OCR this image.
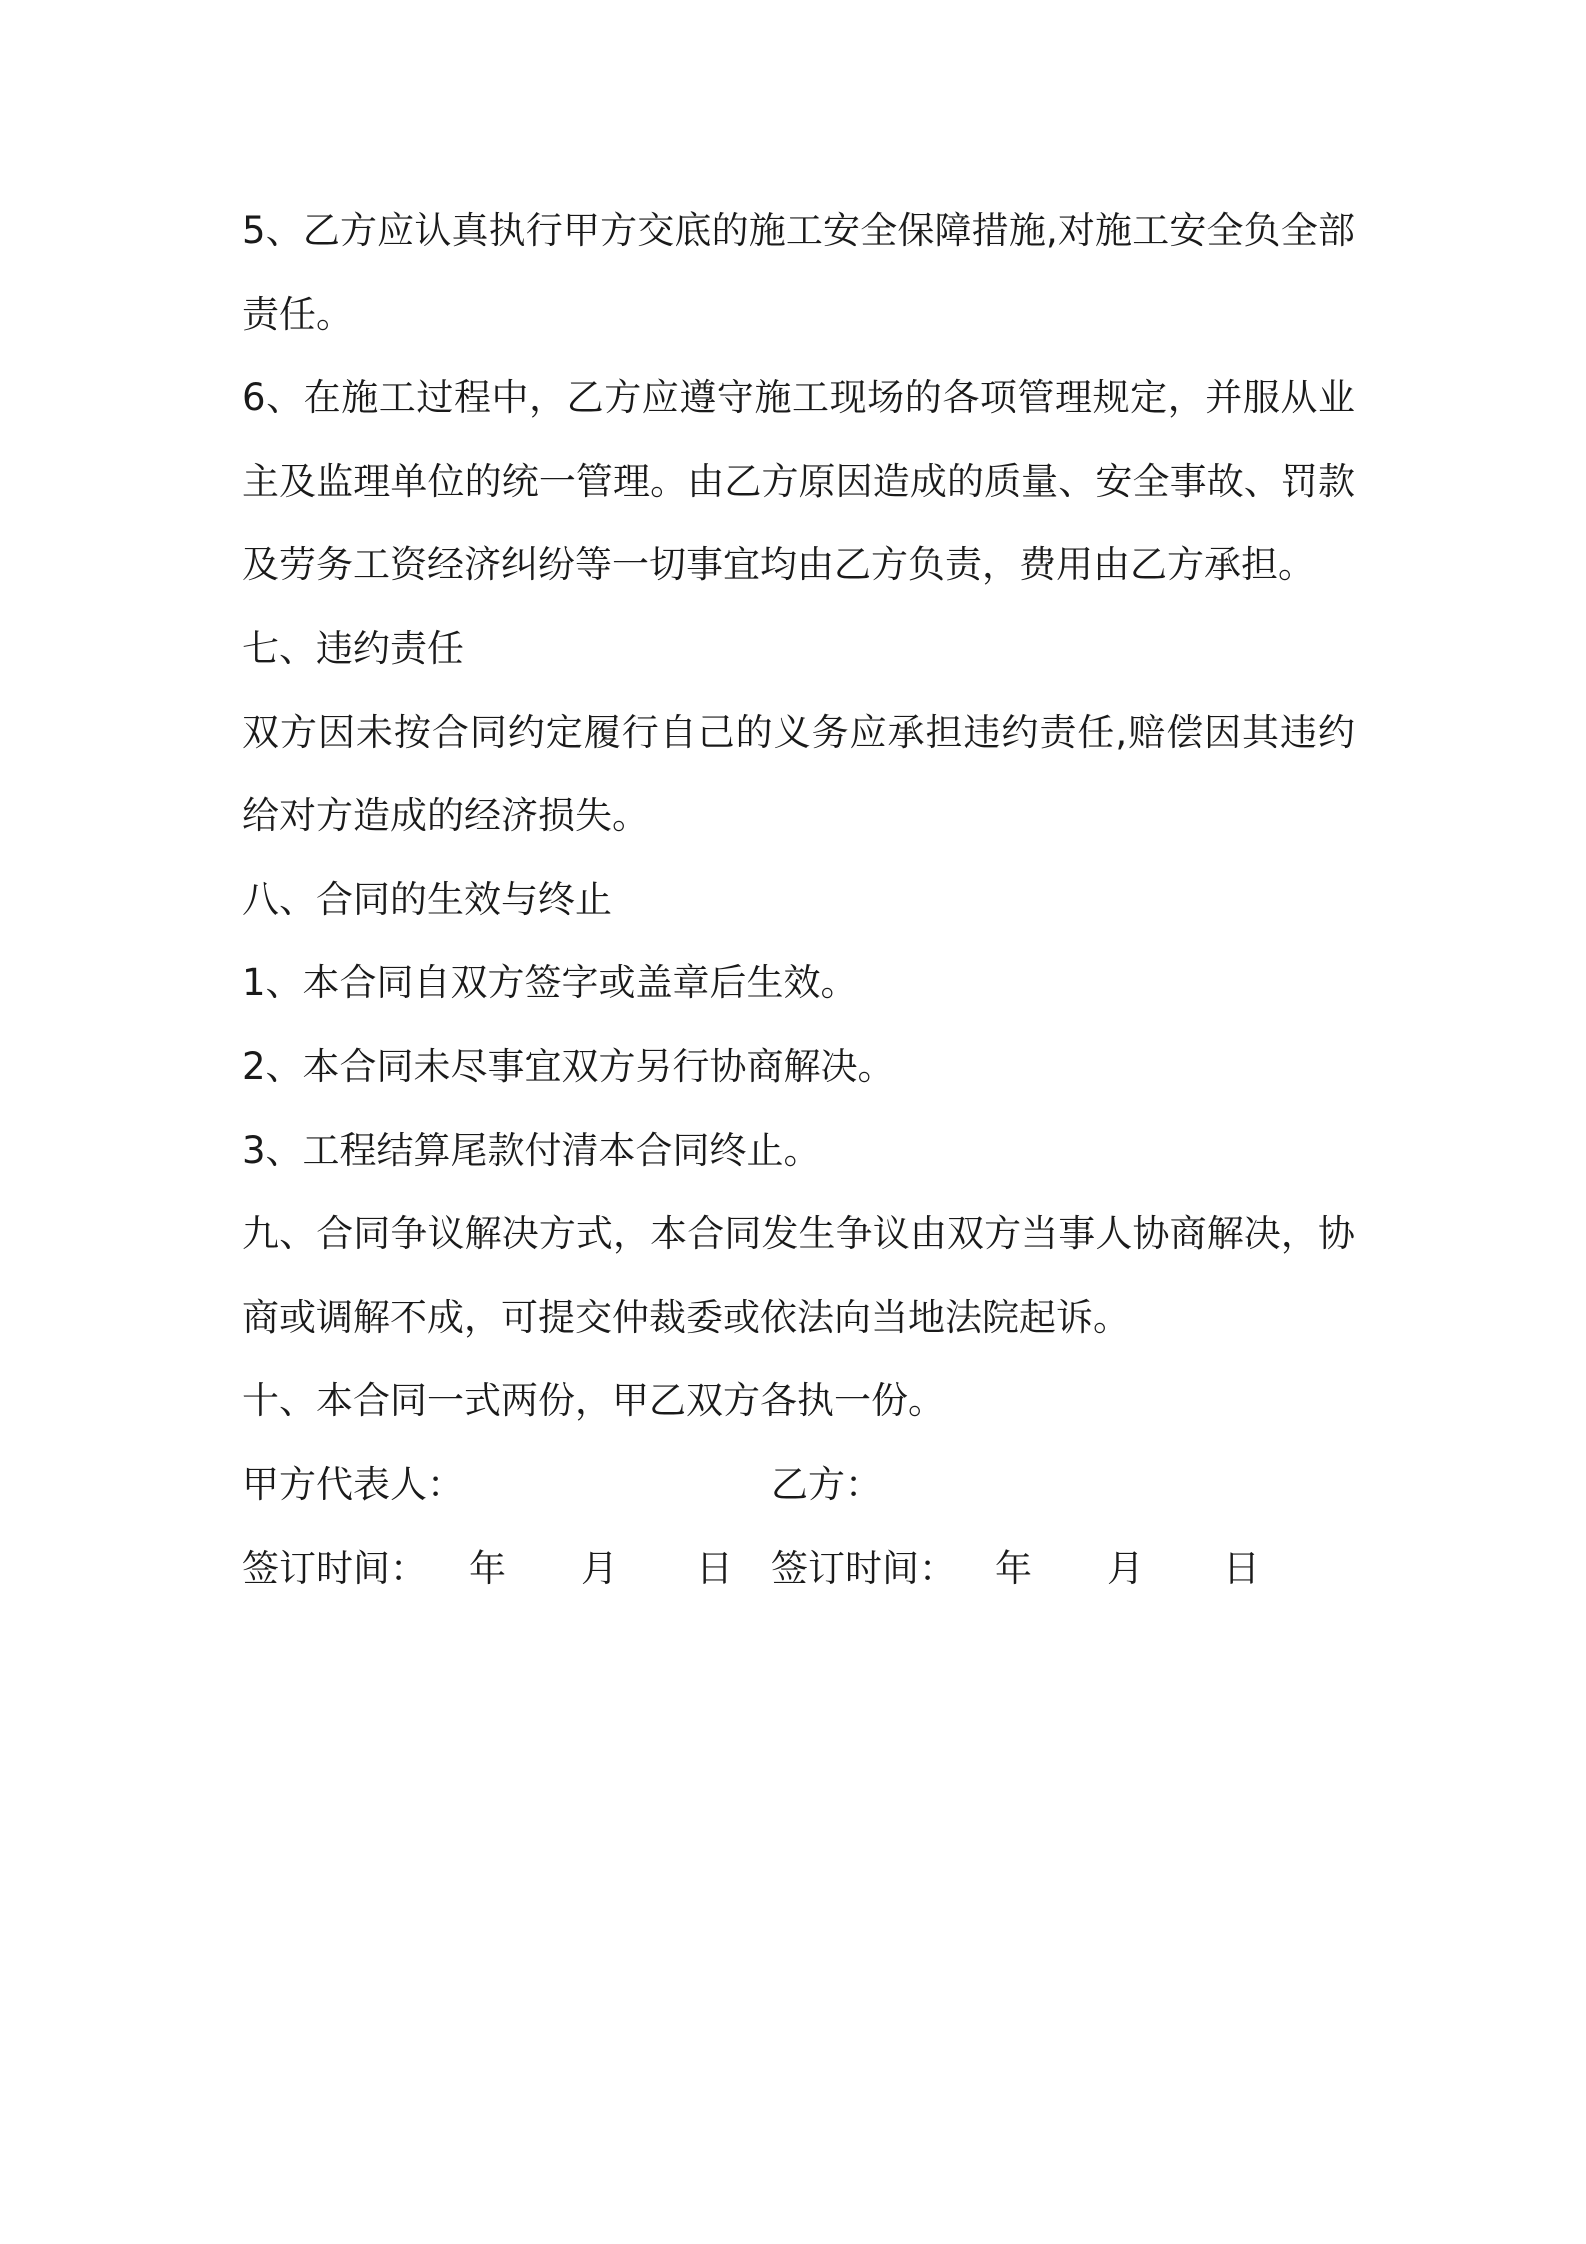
5、乙方应认真执行甲方交底的施工安全保障措施,对施工安全负全部
责任。
6、在施工过程中，乙方应遵守施工现场的各项管理规定，并服从业
主及监理单位的统一管理。由乙方原因造成的质量、安全事故、罚款
及劳务工资经济纠纷等一切事宜均由乙方负责，费用由乙方承担。
七、违约责任
双方因未按合同约定履行自己的义务应承担违约责任,赔偿因其违约
给对方造成的经济损失。
八、合同的生效与终止
1、本合同自双方签字或盖章后生效。
2、本合同未尽事宜双方另行协商解决。
3、工程结算尾款付清本合同终止。
九、合同争议解决方式，本合同发生争议由双方当事人协商解决，协
商或调解不成，可提交仲裁委或依法向当地法院起诉。
十、本合同一式两份，甲乙双方各执一份。
甲方代表人：	乙方：
签订时间： 年 月 日 签订时间： 年 月 日
